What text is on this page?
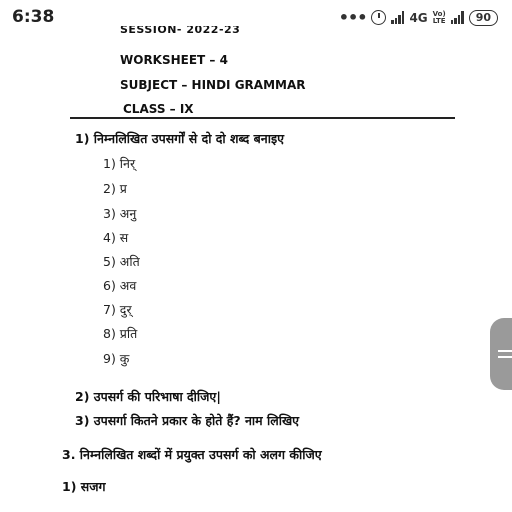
6:38	•••	4G Vo)
LTE	90
SESSION- 2022-23
WORKSHEET – 4
SUBJECT – HINDI GRAMMAR
CLASS – IX
1) निम्नलिखित उपसर्गों से दो दो शब्द बनाइए
1) निर्
2) प्र
3) अनु
4) स
5) अति
6) अव
7) दुर्
8) प्रति
9) कु
2) उपसर्ग की परिभाषा दीजिए|
3) उपसर्गा कितने प्रकार के होते हैं? नाम लिखिए
3. निम्नलिखित शब्दों में प्रयुक्त उपसर्ग को अलग कीजिए
1) सजग
